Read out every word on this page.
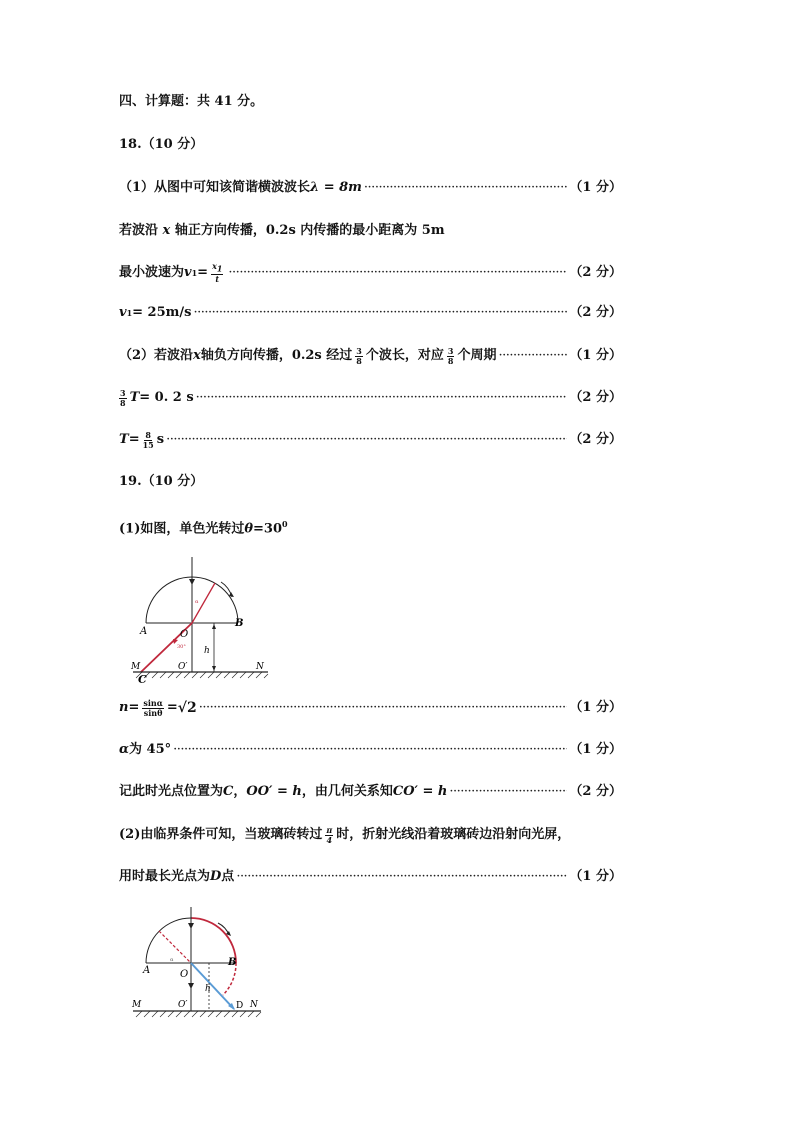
四、计算题：共 41 分。
18.（10 分）
（1）从图中可知该简谐横波波长 λ = 8m ·····	（1 分）
若波沿 x 轴正方向传播，0.2s 内传播的最小距离为 5m
最小波速为 v $1 = \frac{x1}{t}$ ·····	（2 分）
v 1 = 25m/s ·····	（2 分）
（2）若波沿 x 轴负方向传播，0.2s 经过 $\frac{3}{8}$ 个波长，对应 $\frac{3}{8}$ 个周期 ·····	（1 分）
$\frac{3}{8}$ T = 0. 2 s ·····	（2 分）
$T = \frac{8}{15}$ s ·····	（2 分）
19.（10 分）
(1)如图，单色光转过$\theta=30^0$
A
B
O
O′
h
M	N
C
α
30°
$n = \frac{\sin\alpha}{\sin\theta} = √2$ ·····	（1 分）
α 为 45° ·····	（1 分）
记此时光点位置为 C ， OO′ = h ，由几何关系知 CO′ = h ·····	（2 分）
(2)由临界条件可知，当玻璃砖转过 $\frac{\pi}{4}$ 时，折射光线沿着玻璃砖边沿射向光屏，
用时最长光点为 D 点 ·····	（1 分）
A
B
O
O′
h
M	N
D
α
